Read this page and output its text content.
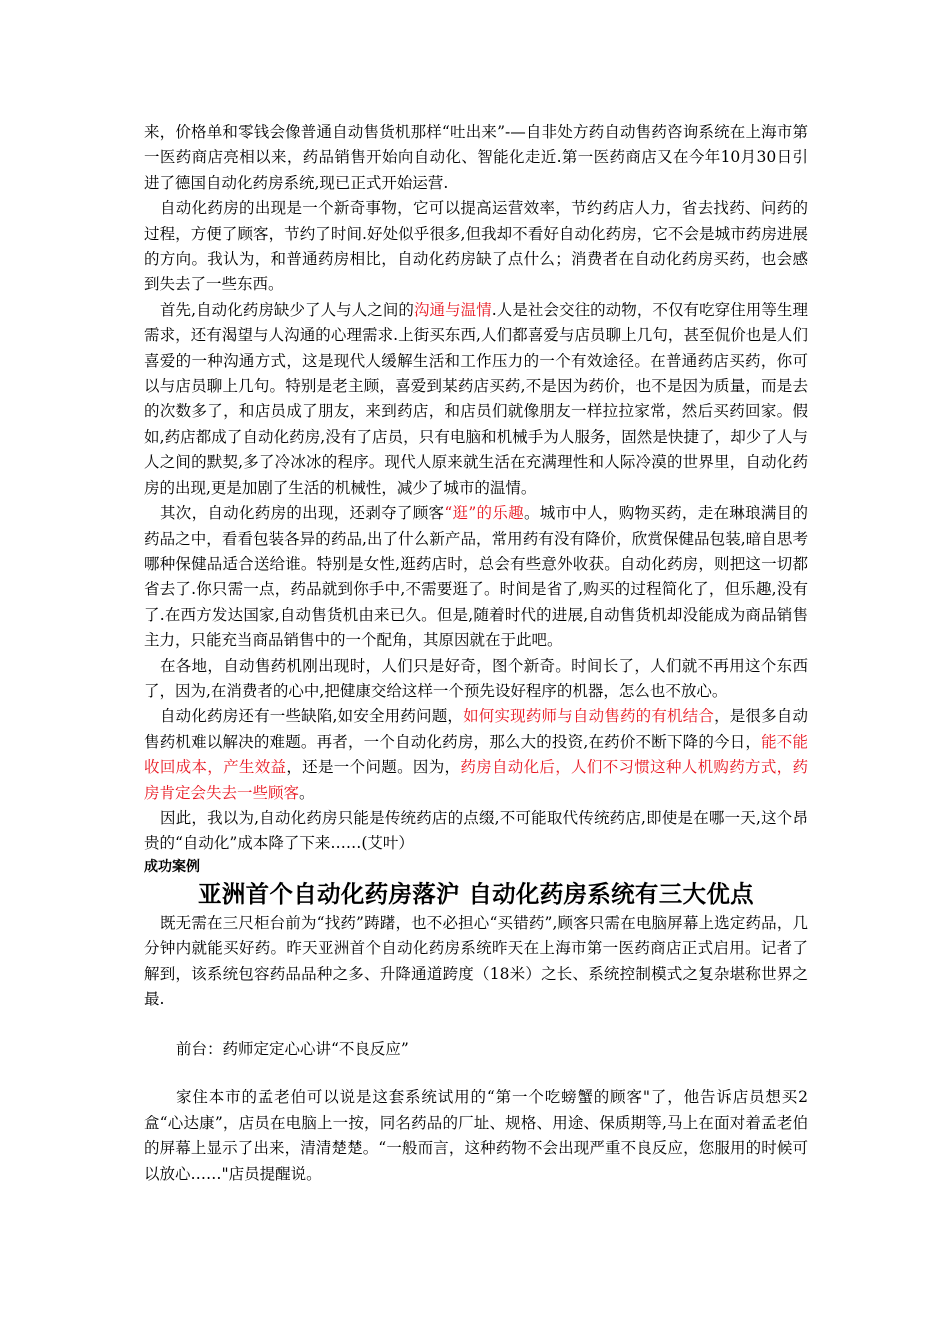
来，价格单和零钱会像普通自动售货机那样“吐出来”-—自非处方药自动售药咨询系统在上海市第一医药商店亮相以来，药品销售开始向自动化、智能化走近.第一医药商店又在今年10月30日引进了德国自动化药房系统,现已正式开始运营.

自动化药房的出现是一个新奇事物，它可以提高运营效率，节约药店人力，省去找药、问药的过程，方便了顾客，节约了时间.好处似乎很多,但我却不看好自动化药房，它不会是城市药房进展的方向。我认为，和普通药房相比，自动化药房缺了点什么；消费者在自动化药房买药，也会感到失去了一些东西。

首先,自动化药房缺少了人与人之间的沟通与温情.人是社会交往的动物，不仅有吃穿住用等生理需求，还有渴望与人沟通的心理需求.上街买东西,人们都喜爱与店员聊上几句，甚至侃价也是人们喜爱的一种沟通方式，这是现代人缓解生活和工作压力的一个有效途径。在普通药店买药，你可以与店员聊上几句。特别是老主顾，喜爱到某药店买药,不是因为药价，也不是因为质量，而是去的次数多了，和店员成了朋友，来到药店，和店员们就像朋友一样拉拉家常，然后买药回家。假如,药店都成了自动化药房,没有了店员，只有电脑和机械手为人服务，固然是快捷了，却少了人与人之间的默契,多了冷冰冰的程序。现代人原来就生活在充满理性和人际冷漠的世界里，自动化药房的出现,更是加剧了生活的机械性，减少了城市的温情。

其次，自动化药房的出现，还剥夺了顾客“逛”的乐趣。城市中人，购物买药，走在琳琅满目的药品之中，看看包装各异的药品,出了什么新产品，常用药有没有降价，欣赏保健品包装,暗自思考哪种保健品适合送给谁。特别是女性,逛药店时，总会有些意外收获。自动化药房，则把这一切都省去了.你只需一点，药品就到你手中,不需要逛了。时间是省了,购买的过程简化了，但乐趣,没有了.在西方发达国家,自动售货机由来已久。但是,随着时代的进展,自动售货机却没能成为商品销售主力，只能充当商品销售中的一个配角，其原因就在于此吧。

在各地，自动售药机刚出现时，人们只是好奇，图个新奇。时间长了，人们就不再用这个东西了，因为,在消费者的心中,把健康交给这样一个预先设好程序的机器，怎么也不放心。

自动化药房还有一些缺陷,如安全用药问题，如何实现药师与自动售药的有机结合，是很多自动售药机难以解决的难题。再者，一个自动化药房，那么大的投资,在药价不断下降的今日，能不能收回成本，产生效益，还是一个问题。因为，药房自动化后，人们不习惯这种人机购药方式，药房肯定会失去一些顾客。

因此，我以为,自动化药房只能是传统药店的点缀,不可能取代传统药店,即使是在哪一天,这个昂贵的“自动化”成本降了下来……(艾叶）

成功案例

亚洲首个自动化药房落沪 自动化药房系统有三大优点

既无需在三尺柜台前为“找药”踌躇，也不必担心“买错药”,顾客只需在电脑屏幕上选定药品，几分钟内就能买好药。昨天亚洲首个自动化药房系统昨天在上海市第一医药商店正式启用。记者了解到，该系统包容药品品种之多、升降通道跨度（18米）之长、系统控制模式之复杂堪称世界之最.

前台：药师定定心心讲“不良反应”

家住本市的孟老伯可以说是这套系统试用的“第一个吃螃蟹的顾客"了，他告诉店员想买2盒“心达康”，店员在电脑上一按，同名药品的厂址、规格、用途、保质期等,马上在面对着孟老伯的屏幕上显示了出来，清清楚楚。“一般而言，这种药物不会出现严重不良反应，您服用的时候可以放心……"店员提醒说。
